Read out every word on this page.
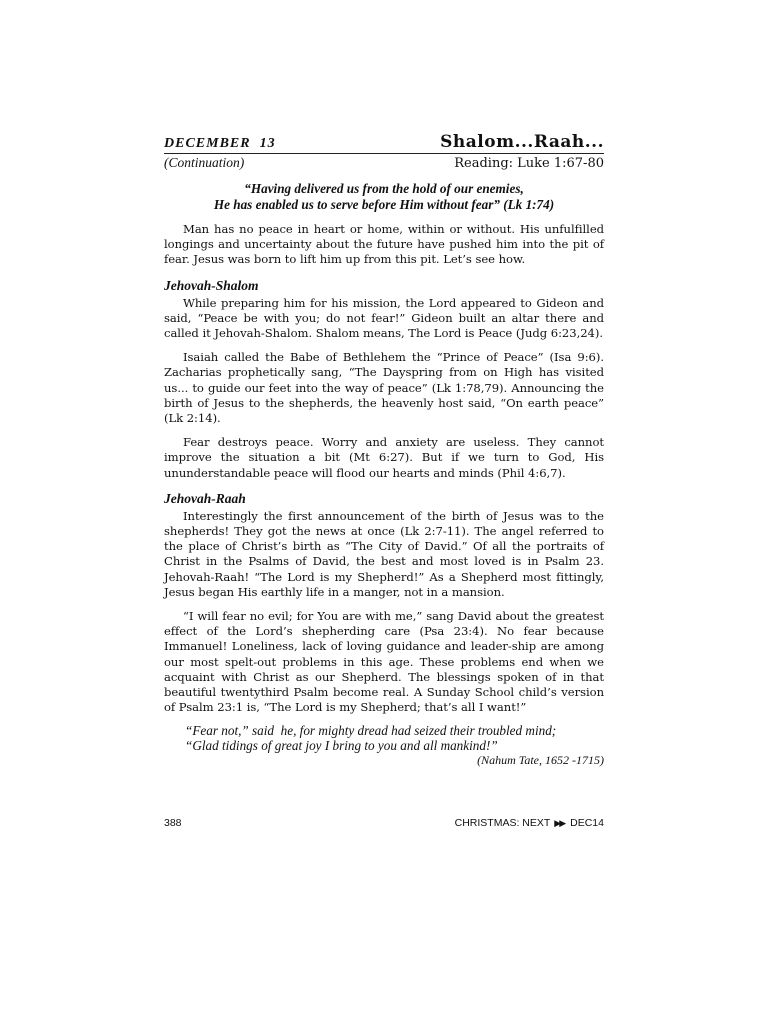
DECEMBER  13	Shalom...Raah...
(Continuation)	Reading: Luke 1:67-80
“Having delivered us from the hold of our enemies,
He has enabled us to serve before Him without fear” (Lk 1:74)

Man has no peace in heart or home, within or without. His unfulfilled longings and uncertainty about the future have pushed him into the pit of fear. Jesus was born to lift him up from this pit. Let’s see how.

Jehovah-Shalom

While preparing him for his mission, the Lord appeared to Gideon and said, “Peace be with you; do not fear!” Gideon built an altar there and called it Jehovah-Shalom. Shalom means, The Lord is Peace (Judg 6:23,24).

Isaiah called the Babe of Bethlehem the “Prince of Peace” (Isa 9:6). Zacharias prophetically sang, “The Dayspring from on High has visited us... to guide our feet into the way of peace” (Lk 1:78,79). Announcing the birth of Jesus to the shepherds, the heavenly host said, “On earth peace” (Lk 2:14).

Fear destroys peace. Worry and anxiety are useless. They cannot improve the situation a bit (Mt 6:27). But if we turn to God, His ununderstandable peace will flood our hearts and minds (Phil 4:6,7).

Jehovah-Raah

Interestingly the first announcement of the birth of Jesus was to the shepherds! They got the news at once (Lk 2:7-11). The angel referred to the place of Christ’s birth as “The City of David.” Of all the portraits of Christ in the Psalms of David, the best and most loved is in Psalm 23. Jehovah-Raah! “The Lord is my Shepherd!” As a Shepherd most fittingly, Jesus began His earthly life in a manger, not in a mansion.

“I will fear no evil; for You are with me,” sang David about the greatest effect of the Lord’s shepherding care (Psa 23:4). No fear because Immanuel! Loneliness, lack of loving guidance and leader-ship are among our most spelt-out problems in this age. These problems end when we acquaint with Christ as our Shepherd. The blessings spoken of in that beautiful twentythird Psalm become real. A Sunday School child’s version of Psalm 23:1 is, “The Lord is my Shepherd; that’s all I want!”

“Fear not,” said  he, for mighty dread had seized their troubled mind;
“Glad tidings of great joy I bring to you and all mankind!”
(Nahum Tate, 1652 -1715)
388	CHRISTMAS: NEXT ▶▶ DEC14
